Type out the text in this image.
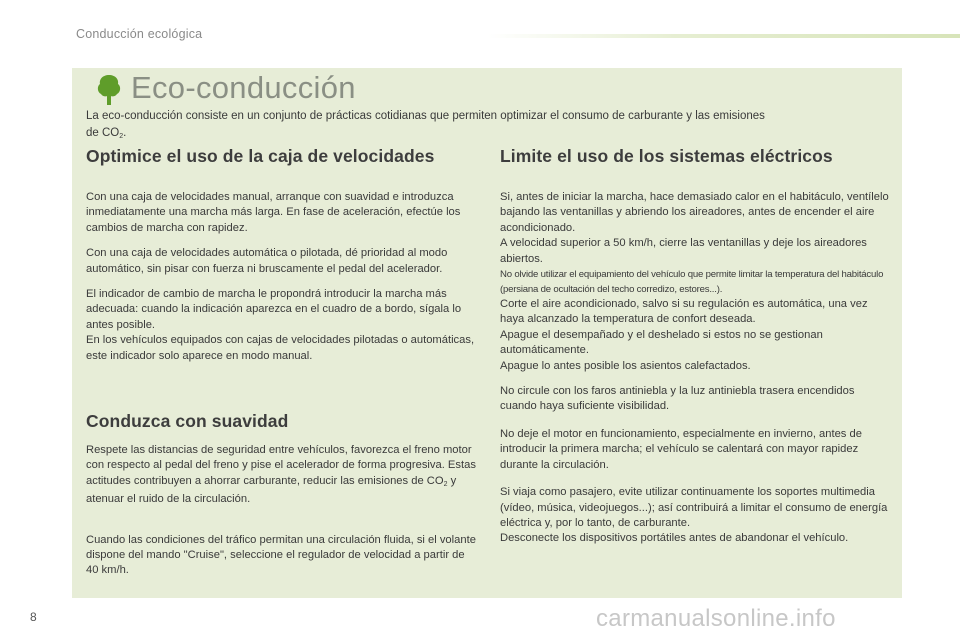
Conducción ecológica
Eco-conducción
La eco-conducción consiste en un conjunto de prácticas cotidianas que permiten optimizar el consumo de carburante y las emisiones
de $CO_2$.
Optimice el uso de la caja de velocidades

Con una caja de velocidades manual, arranque con suavidad e introduzca inmediatamente una marcha más larga. En fase de aceleración, efectúe los cambios de marcha con rapidez.

Con una caja de velocidades automática o pilotada, dé prioridad al modo automático, sin pisar con fuerza ni bruscamente el pedal del acelerador.

El indicador de cambio de marcha le propondrá introducir la marcha más adecuada: cuando la indicación aparezca en el cuadro de a bordo, sígala lo antes posible.

En los vehículos equipados con cajas de velocidades pilotadas o automáticas, este indicador solo aparece en modo manual.

Conduzca con suavidad

Respete las distancias de seguridad entre vehículos, favorezca el freno motor con respecto al pedal del freno y pise el acelerador de forma progresiva. Estas actitudes contribuyen a ahorrar carburante, reducir las emisiones de $CO_2$ y atenuar el ruido de la circulación.

Cuando las condiciones del tráfico permitan una circulación fluida, si el volante dispone del mando "Cruise", seleccione el regulador de velocidad a partir de 40 km/h.

Limite el uso de los sistemas eléctricos

Si, antes de iniciar la marcha, hace demasiado calor en el habitáculo, ventílelo bajando las ventanillas y abriendo los aireadores, antes de encender el aire acondicionado.

A velocidad superior a 50 km/h, cierre las ventanillas y deje los aireadores abiertos.

No olvide utilizar el equipamiento del vehículo que permite limitar la temperatura del habitáculo (persiana de ocultación del techo corredizo, estores...).

Corte el aire acondicionado, salvo si su regulación es automática, una vez haya alcanzado la temperatura de confort deseada.

Apague el desempañado y el deshelado si estos no se gestionan automáticamente.

Apague lo antes posible los asientos calefactados.

No circule con los faros antiniebla y la luz antiniebla trasera encendidos cuando haya suficiente visibilidad.

No deje el motor en funcionamiento, especialmente en invierno, antes de introducir la primera marcha; el vehículo se calentará con mayor rapidez durante la circulación.

Si viaja como pasajero, evite utilizar continuamente los soportes multimedia (vídeo, música, videojuegos...); así contribuirá a limitar el consumo de energía eléctrica y, por lo tanto, de carburante.

Desconecte los dispositivos portátiles antes de abandonar el vehículo.

8	carmanualsonline.info
